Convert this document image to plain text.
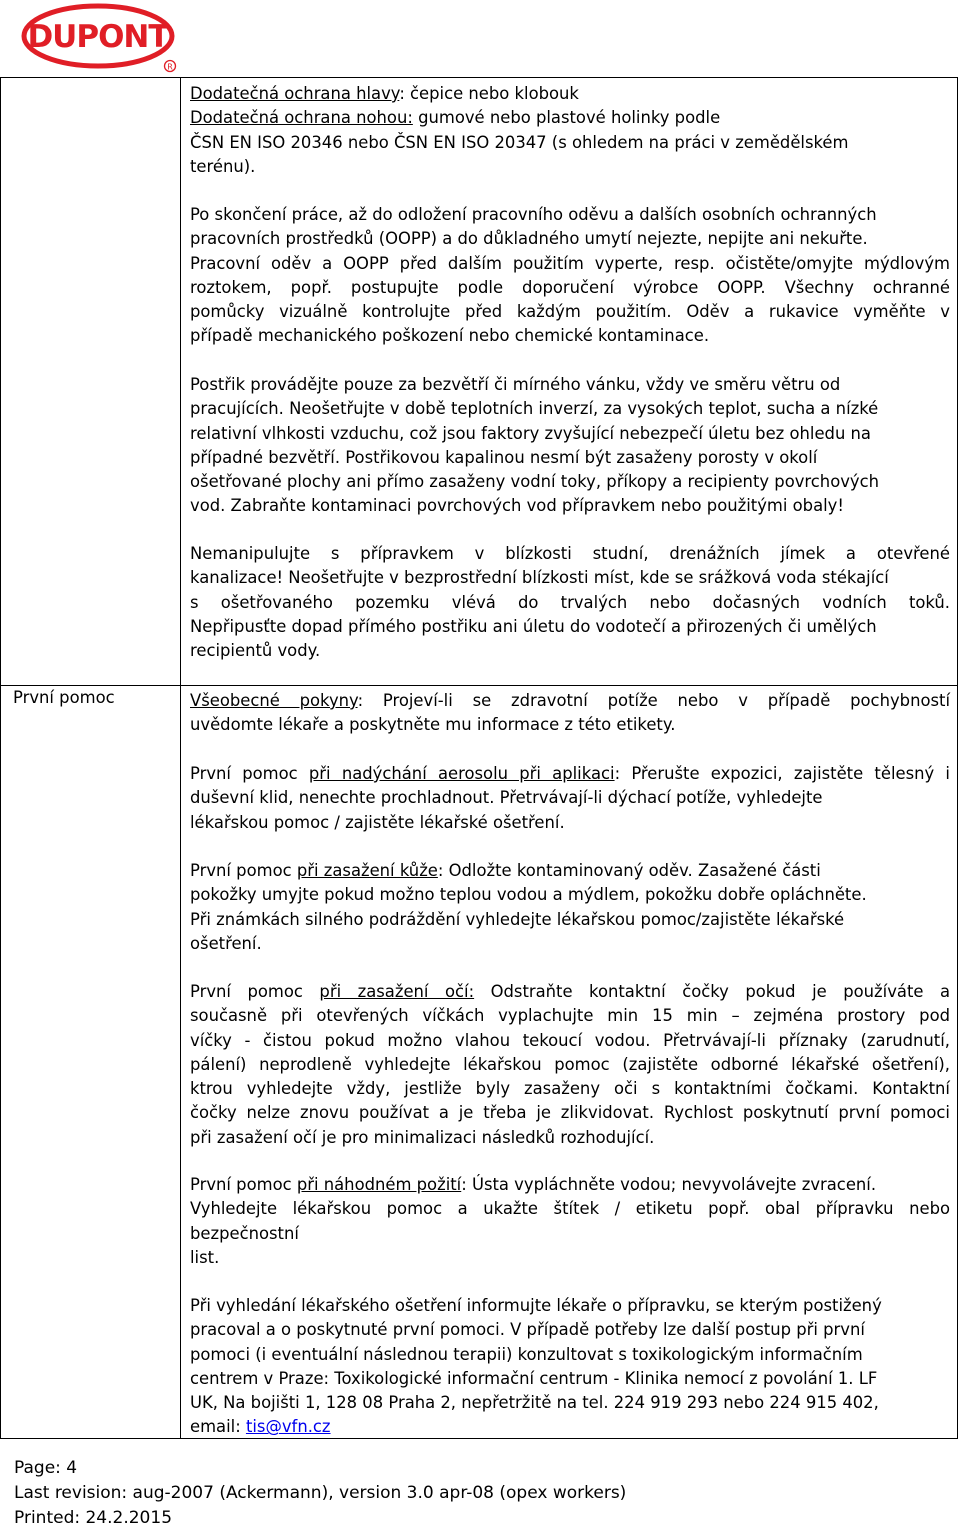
DUPONT
R
První pomoc

Dodatečná ochrana hlavy: čepice nebo klobouk

Dodatečná ochrana nohou: gumové nebo plastové holinky podle

ČSN EN ISO 20346 nebo ČSN EN ISO 20347 (s ohledem na práci v zemědělském

terénu).

Po skončení práce, až do odložení pracovního oděvu a dalších osobních ochranných

pracovních prostředků (OOPP) a do důkladného umytí nejezte, nepijte ani nekuřte.

Pracovní oděv a OOPP před dalším použitím vyperte, resp. očistěte/omyjte mýdlovým

roztokem, popř. postupujte podle doporučení výrobce OOPP. Všechny ochranné

pomůcky vizuálně kontrolujte před každým použitím. Oděv a rukavice vyměňte v

případě mechanického poškození nebo chemické kontaminace.

Postřik provádějte pouze za bezvětří či mírného vánku, vždy ve směru větru od

pracujících. Neošetřujte v době teplotních inverzí, za vysokých teplot, sucha a nízké

relativní vlhkosti vzduchu, což jsou faktory zvyšující nebezpečí úletu bez ohledu na

případné bezvětří. Postřikovou kapalinou nesmí být zasaženy porosty v okolí

ošetřované plochy ani přímo zasaženy vodní toky, příkopy a recipienty povrchových

vod. Zabraňte kontaminaci povrchových vod přípravkem nebo použitými obaly!

Nemanipulujte s přípravkem v blízkosti studní, drenážních jímek a otevřené

kanalizace! Neošetřujte v bezprostřední blízkosti míst, kde se srážková voda stékající

s ošetřovaného pozemku vlévá do trvalých nebo dočasných vodních toků.

Nepřipusťte dopad přímého postřiku ani úletu do vodotečí a přirozených či umělých

recipientů vody.

Všeobecné pokyny: Projeví-li se zdravotní potíže nebo v případě pochybností

uvědomte lékaře a poskytněte mu informace z této etikety.

První pomoc při nadýchání aerosolu při aplikaci: Přerušte expozici, zajistěte tělesný i

duševní klid, nenechte prochladnout. Přetrvávají-li dýchací potíže, vyhledejte

lékařskou pomoc / zajistěte lékařské ošetření.

První pomoc při zasažení kůže: Odložte kontaminovaný oděv. Zasažené části

pokožky umyjte pokud možno teplou vodou a mýdlem, pokožku dobře opláchněte.

Při známkách silného podráždění vyhledejte lékařskou pomoc/zajistěte lékařské

ošetření.

První pomoc při zasažení očí: Odstraňte kontaktní čočky pokud je používáte a

současně při otevřených víčkách vyplachujte min 15 min – zejména prostory pod

víčky - čistou pokud možno vlahou tekoucí vodou. Přetrvávají-li příznaky (zarudnutí,

pálení) neprodleně vyhledejte lékařskou pomoc (zajistěte odborné lékařské ošetření),

ktrou vyhledejte vždy, jestliže byly zasaženy oči s kontaktními čočkami. Kontaktní

čočky nelze znovu používat a je třeba je zlikvidovat. Rychlost poskytnutí první pomoci

při zasažení očí je pro minimalizaci následků rozhodující.

První pomoc při náhodném požití: Ústa vypláchněte vodou; nevyvolávejte zvracení.

Vyhledejte lékařskou pomoc a ukažte štítek / etiketu popř. obal přípravku nebo

bezpečnostní

list.

Při vyhledání lékařského ošetření informujte lékaře o přípravku, se kterým postižený

pracoval a o poskytnuté první pomoci. V případě potřeby lze další postup při první

pomoci (i eventuální následnou terapii) konzultovat s toxikologickým informačním

centrem v Praze: Toxikologické informační centrum - Klinika nemocí z povolání 1. LF

UK, Na bojišti 1, 128 08 Praha 2, nepřetržitě na tel. 224 919 293 nebo 224 915 402,

email: tis@vfn.cz

Page: 4
Last revision: aug-2007 (Ackermann), version 3.0 apr-08 (opex workers)
Printed: 24.2.2015
